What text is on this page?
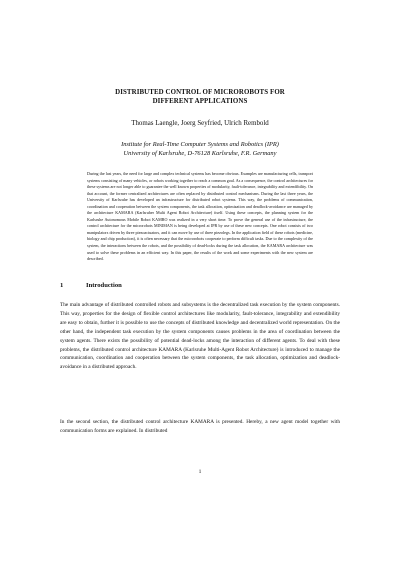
DISTRIBUTED CONTROL OF MICROROBOTS FOR
DIFFERENT APPLICATIONS
Thomas Laengle, Joerg Seyfried, Ulrich Rembold
Institute for Real-Time Computer Systems and Robotics (IPR)
University of Karlsruhe, D-76128 Karlsruhe, F.R. Germany

During the last years, the need for large and complex technical systems has become obvious. Examples are manufacturing cells, transport systems consisting of many vehicles, or robots working together to reach a common goal. As a consequence, the control architectures for these systems are not longer able to guarantee the well known properties of modularity, fault-tolerance, integrability and extendibility. On that account, the former centralized architectures are often replaced by distributed control mechanisms. During the last three years, the University of Karlsruhe has developed an infrastructure for distributed robot systems. This way, the problems of communication, coordination and cooperation between the system components, the task allocation, optimization and deadlock-avoidance are managed by the architecture KAMARA (Karlsruher Multi Agent Robot Architecture) itself. Using these concepts, the planning system for the Karlsruhe Autonomous Mobile Robot KAMRO was realized in a very short time. To prove the general use of the infrastructure, the control architecture for the microrobots MINIMAN is being developed at IPR by use of these new concepts. One robot consists of two manipulators driven by three piezoactuators, and it can move by use of three piezolegs. In the application field of these robots (medicine, biology and chip production), it is often necessary that the microrobots cooperate to perform difficult tasks. Due to the complexity of the system, the interactions between the robots, and the possibility of dead-locks during the task allocation, the KAMARA architecture was used to solve these problems in an efficient way. In this paper, the results of the work and some experiments with the new system are described.

1	Introduction

The main advantage of distributed controlled robots and subsystems is the decentralized task execution by the system components. This way, properties for the design of flexible control architectures like modularity, fault-tolerance, integrability and extendibility are easy to obtain, further it is possible to use the concepts of distributed knowledge and decentralized world representation. On the other hand, the independent task execution by the system components causes problems in the area of coordination between the system agents. There exists the possibility of potential dead-locks among the interaction of different agents. To deal with these problems, the distributed control architecture KAMARA (Karlsruhe Multi-Agent Robot Architecture) is introduced to manage the communication, coordination and cooperation between the system components, the task allocation, optimization and deadlock-avoidance in a distributed approach.

In the second section, the distributed control architecture KAMARA is presented. Hereby, a new agent model together with communication forms are explained. In distributed

1
